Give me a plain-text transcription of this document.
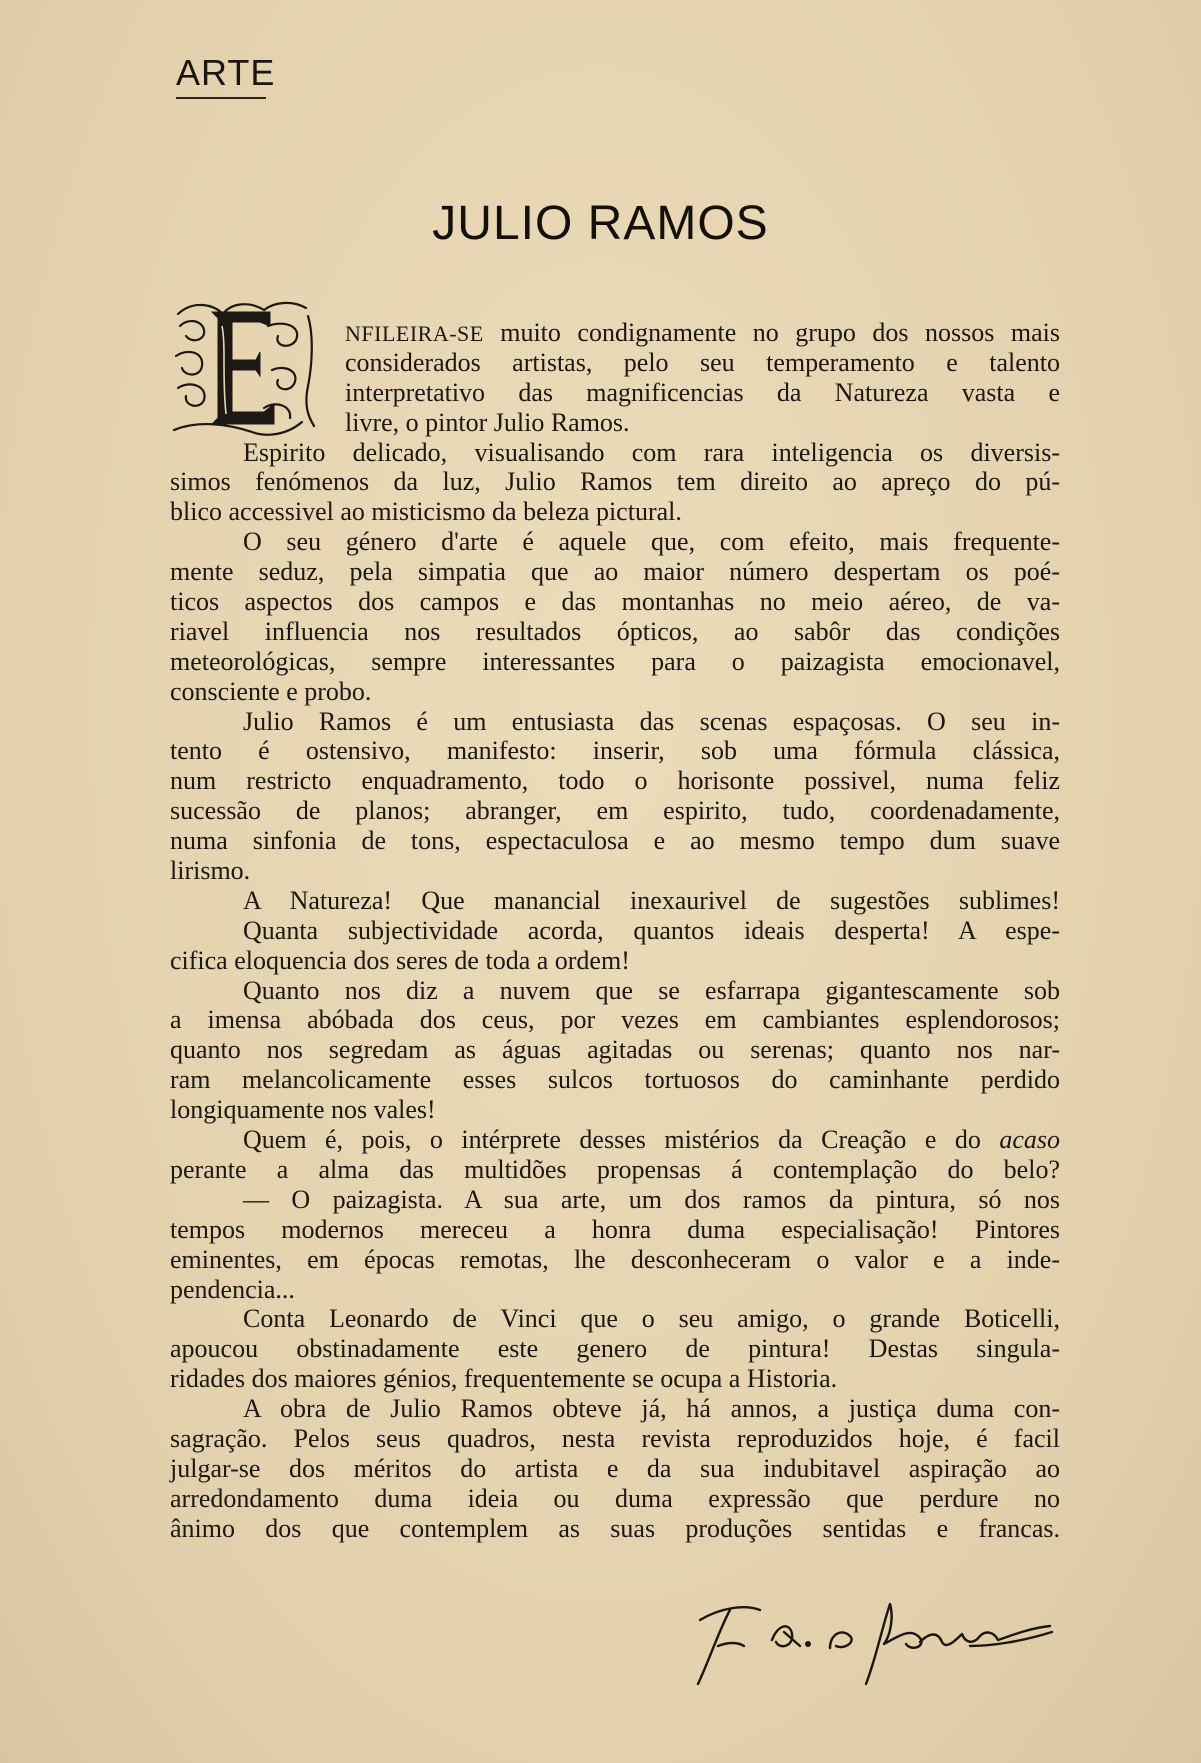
ARTE
JULIO RAMOS
NFILEIRA-SE muito condignamente no grupo dos nossos mais
considerados artistas, pelo seu temperamento e talento
interpretativo das magnificencias da Natureza vasta e
livre, o pintor Julio Ramos.
Espirito delicado, visualisando com rara inteligencia os diversis-
simos fenómenos da luz, Julio Ramos tem direito ao apreço do pú-
blico accessivel ao misticismo da beleza pictural.
O seu género d'arte é aquele que, com efeito, mais frequente-
mente seduz, pela simpatia que ao maior número despertam os poé-
ticos aspectos dos campos e das montanhas no meio aéreo, de va-
riavel influencia nos resultados ópticos, ao sabôr das condições
meteorológicas, sempre interessantes para o paizagista emocionavel,
consciente e probo.
Julio Ramos é um entusiasta das scenas espaçosas. O seu in-
tento é ostensivo, manifesto: inserir, sob uma fórmula clássica,
num restricto enquadramento, todo o horisonte possivel, numa feliz
sucessão de planos; abranger, em espirito, tudo, coordenadamente,
numa sinfonia de tons, espectaculosa e ao mesmo tempo dum suave
lirismo.
A Natureza! Que manancial inexaurivel de sugestões sublimes!
Quanta subjectividade acorda, quantos ideais desperta! A espe-
cifica eloquencia dos seres de toda a ordem!
Quanto nos diz a nuvem que se esfarrapa gigantescamente sob
a imensa abóbada dos ceus, por vezes em cambiantes esplendorosos;
quanto nos segredam as águas agitadas ou serenas; quanto nos nar-
ram melancolicamente esses sulcos tortuosos do caminhante perdido
longiquamente nos vales!
Quem é, pois, o intérprete desses mistérios da Creação e do acaso
perante a alma das multidões propensas á contemplação do belo?
— O paizagista. A sua arte, um dos ramos da pintura, só nos
tempos modernos mereceu a honra duma especialisação! Pintores
eminentes, em épocas remotas, lhe desconheceram o valor e a inde-
pendencia...
Conta Leonardo de Vinci que o seu amigo, o grande Boticelli,
apoucou obstinadamente este genero de pintura! Destas singula-
ridades dos maiores génios, frequentemente se ocupa a Historia.
A obra de Julio Ramos obteve já, há annos, a justiça duma con-
sagração. Pelos seus quadros, nesta revista reproduzidos hoje, é facil
julgar-se dos méritos do artista e da sua indubitavel aspiração ao
arredondamento duma ideia ou duma expressão que perdure no
ânimo dos que contemplem as suas produções sentidas e francas.
